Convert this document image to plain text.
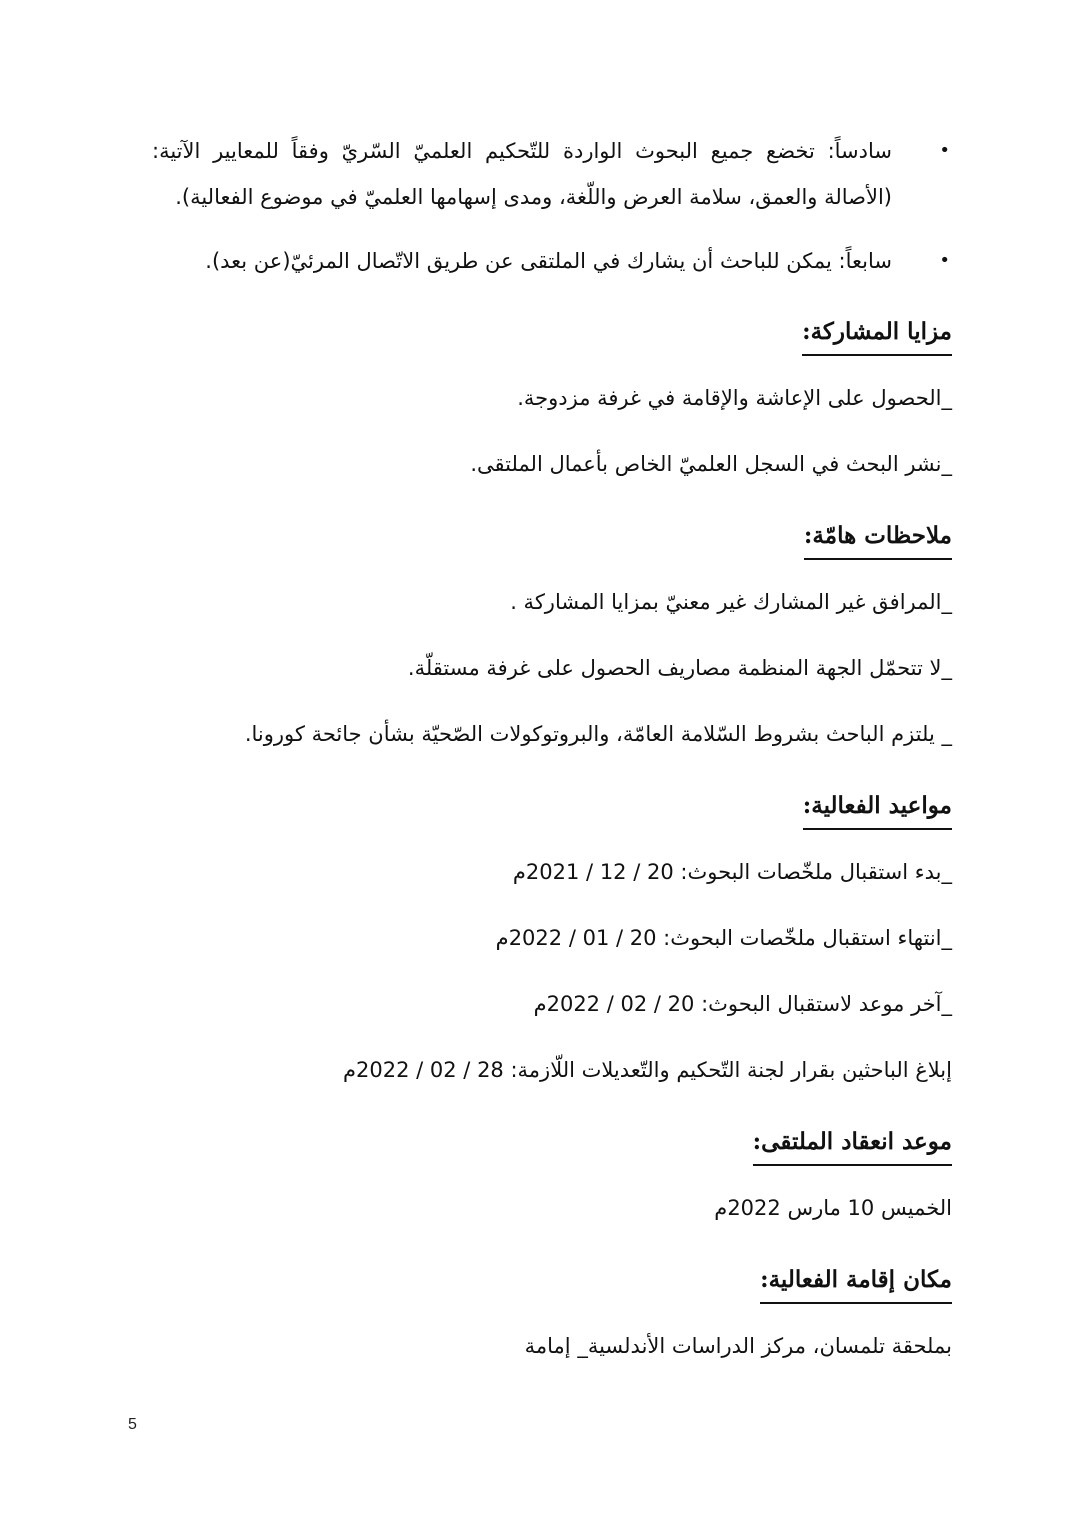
•
سادساً: تخضع جميع البحوث الواردة للتّحكيم العلميّ السّريّ وفقاً للمعايير الآتية: (الأصالة والعمق، سلامة العرض واللّغة، ومدى إسهامها العلميّ في موضوع الفعالية).
•
سابعاً: يمكن للباحث أن يشارك في الملتقى عن طريق الاتّصال المرئيّ(عن بعد).
مزايا المشاركة:
_الحصول على الإعاشة والإقامة في غرفة مزدوجة.
_نشر البحث في السجل العلميّ الخاص بأعمال الملتقى.
ملاحظات هامّة:
_المرافق غير المشارك غير معنيّ بمزايا المشاركة .
_لا تتحمّل الجهة المنظمة مصاريف الحصول على غرفة مستقلّة.
_ يلتزم الباحث بشروط السّلامة العامّة، والبروتوكولات الصّحيّة بشأن جائحة كورونا.
مواعيد الفعالية:
_بدء استقبال ملخّصات البحوث: 20 / 12 / 2021م
_انتهاء استقبال ملخّصات البحوث: 20 / 01 / 2022م
_آخر موعد لاستقبال البحوث: 20 / 02 / 2022م
إبلاغ الباحثين بقرار لجنة التّحكيم والتّعديلات اللّازمة: 28 / 02 / 2022م
موعد انعقاد الملتقى:
الخميس 10 مارس 2022م
مكان إقامة الفعالية:
بملحقة تلمسان، مركز الدراسات الأندلسية_ إمامة
5
